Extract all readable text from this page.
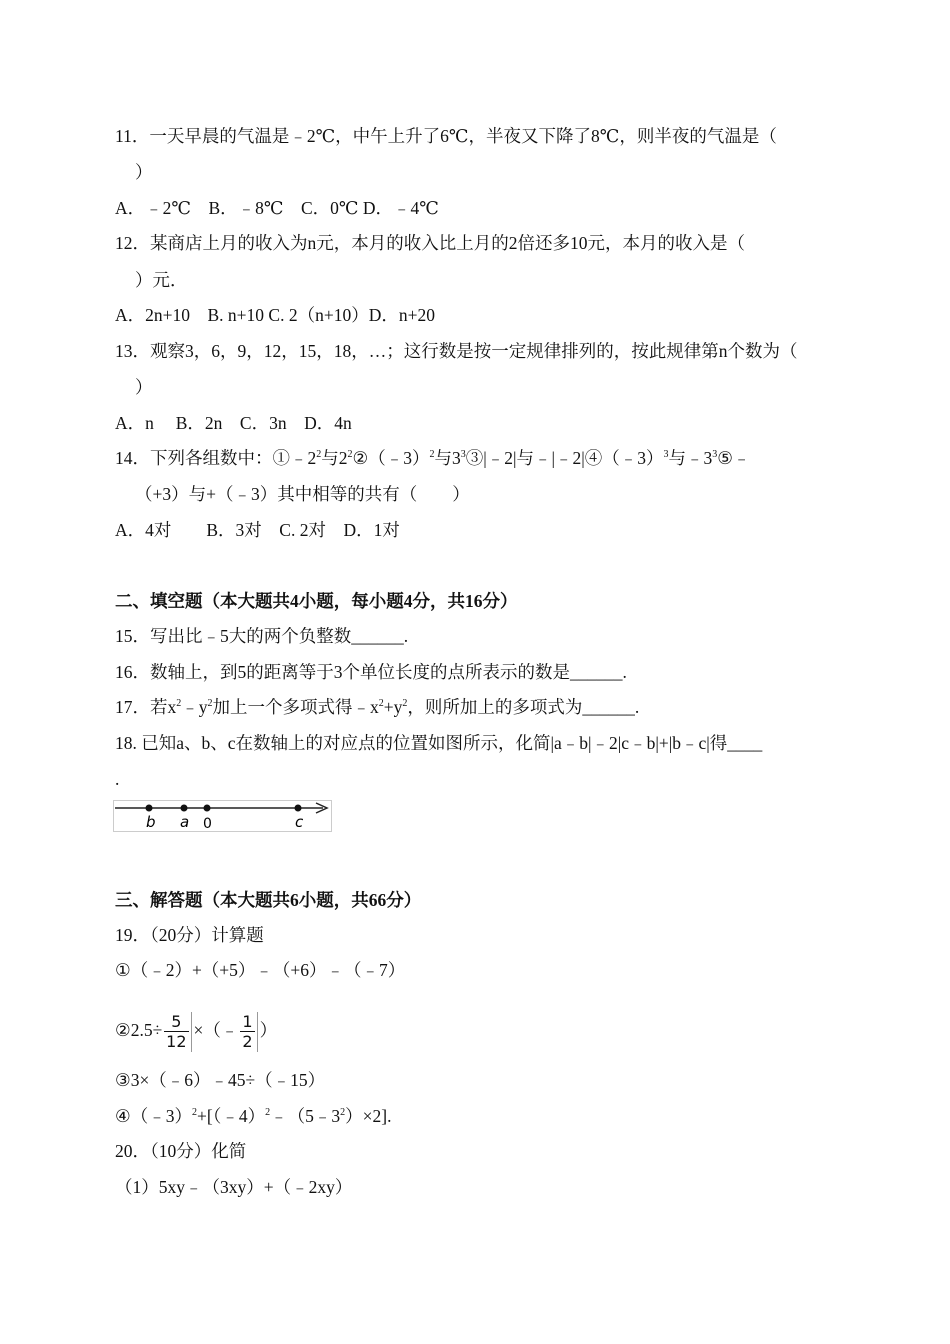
11．一天早晨的气温是﹣2℃，中午上升了6℃，半夜又下降了8℃，则半夜的气温是（
）
A．﹣2℃　B．﹣8℃　C．0℃ D．﹣4℃
12．某商店上月的收入为n元，本月的收入比上月的2倍还多10元，本月的收入是（
）元．
A．2n+10　B. n+10 C. 2（n+10）D．n+20
13．观察3，6，9，12，15，18，…；这行数是按一定规律排列的，按此规律第n个数为（
）
A．n　 B．2n　C．3n　D．4n
14．下列各组数中：$①﹣2^2$与$2^2②(﹣3)^2$与$3^3③|﹣2|$与﹣|﹣2|④（﹣3）$^3$与$﹣3^3⑤﹣$
（+3）与+（﹣3）其中相等的共有（　　）
A．4对　　B．3对　C. 2对　D．1对
二、填空题（本大题共4小题，每小题4分，共16分）
15．写出比﹣5大的两个负整数______.
16．数轴上，到5的距离等于3个单位长度的点所表示的数是______.
17．若$x^2﹣y^2$加上一个多项式得$﹣x^2+y^2$，则所加上的多项式为______.
18. 已知a、b、c在数轴上的对应点的位置如图所示，化简|a﹣b|﹣2|c﹣b|+|b﹣c|得____
.
b a 0	c
三、解答题（本大题共6小题，共66分）
19．（20分）计算题
①（﹣2）+（+5）﹣（+6）﹣（﹣7）
②2.5÷ $\frac{5}{12}$ ×（﹣ $\frac{1}{2}$ ）
③3×（﹣6）﹣45÷（﹣15）
$④(﹣3)^2+[(﹣4)^2﹣(5﹣3^2)\times 2]$.
20．（10分）化简
（1）5xy﹣（3xy）+（﹣2xy）
